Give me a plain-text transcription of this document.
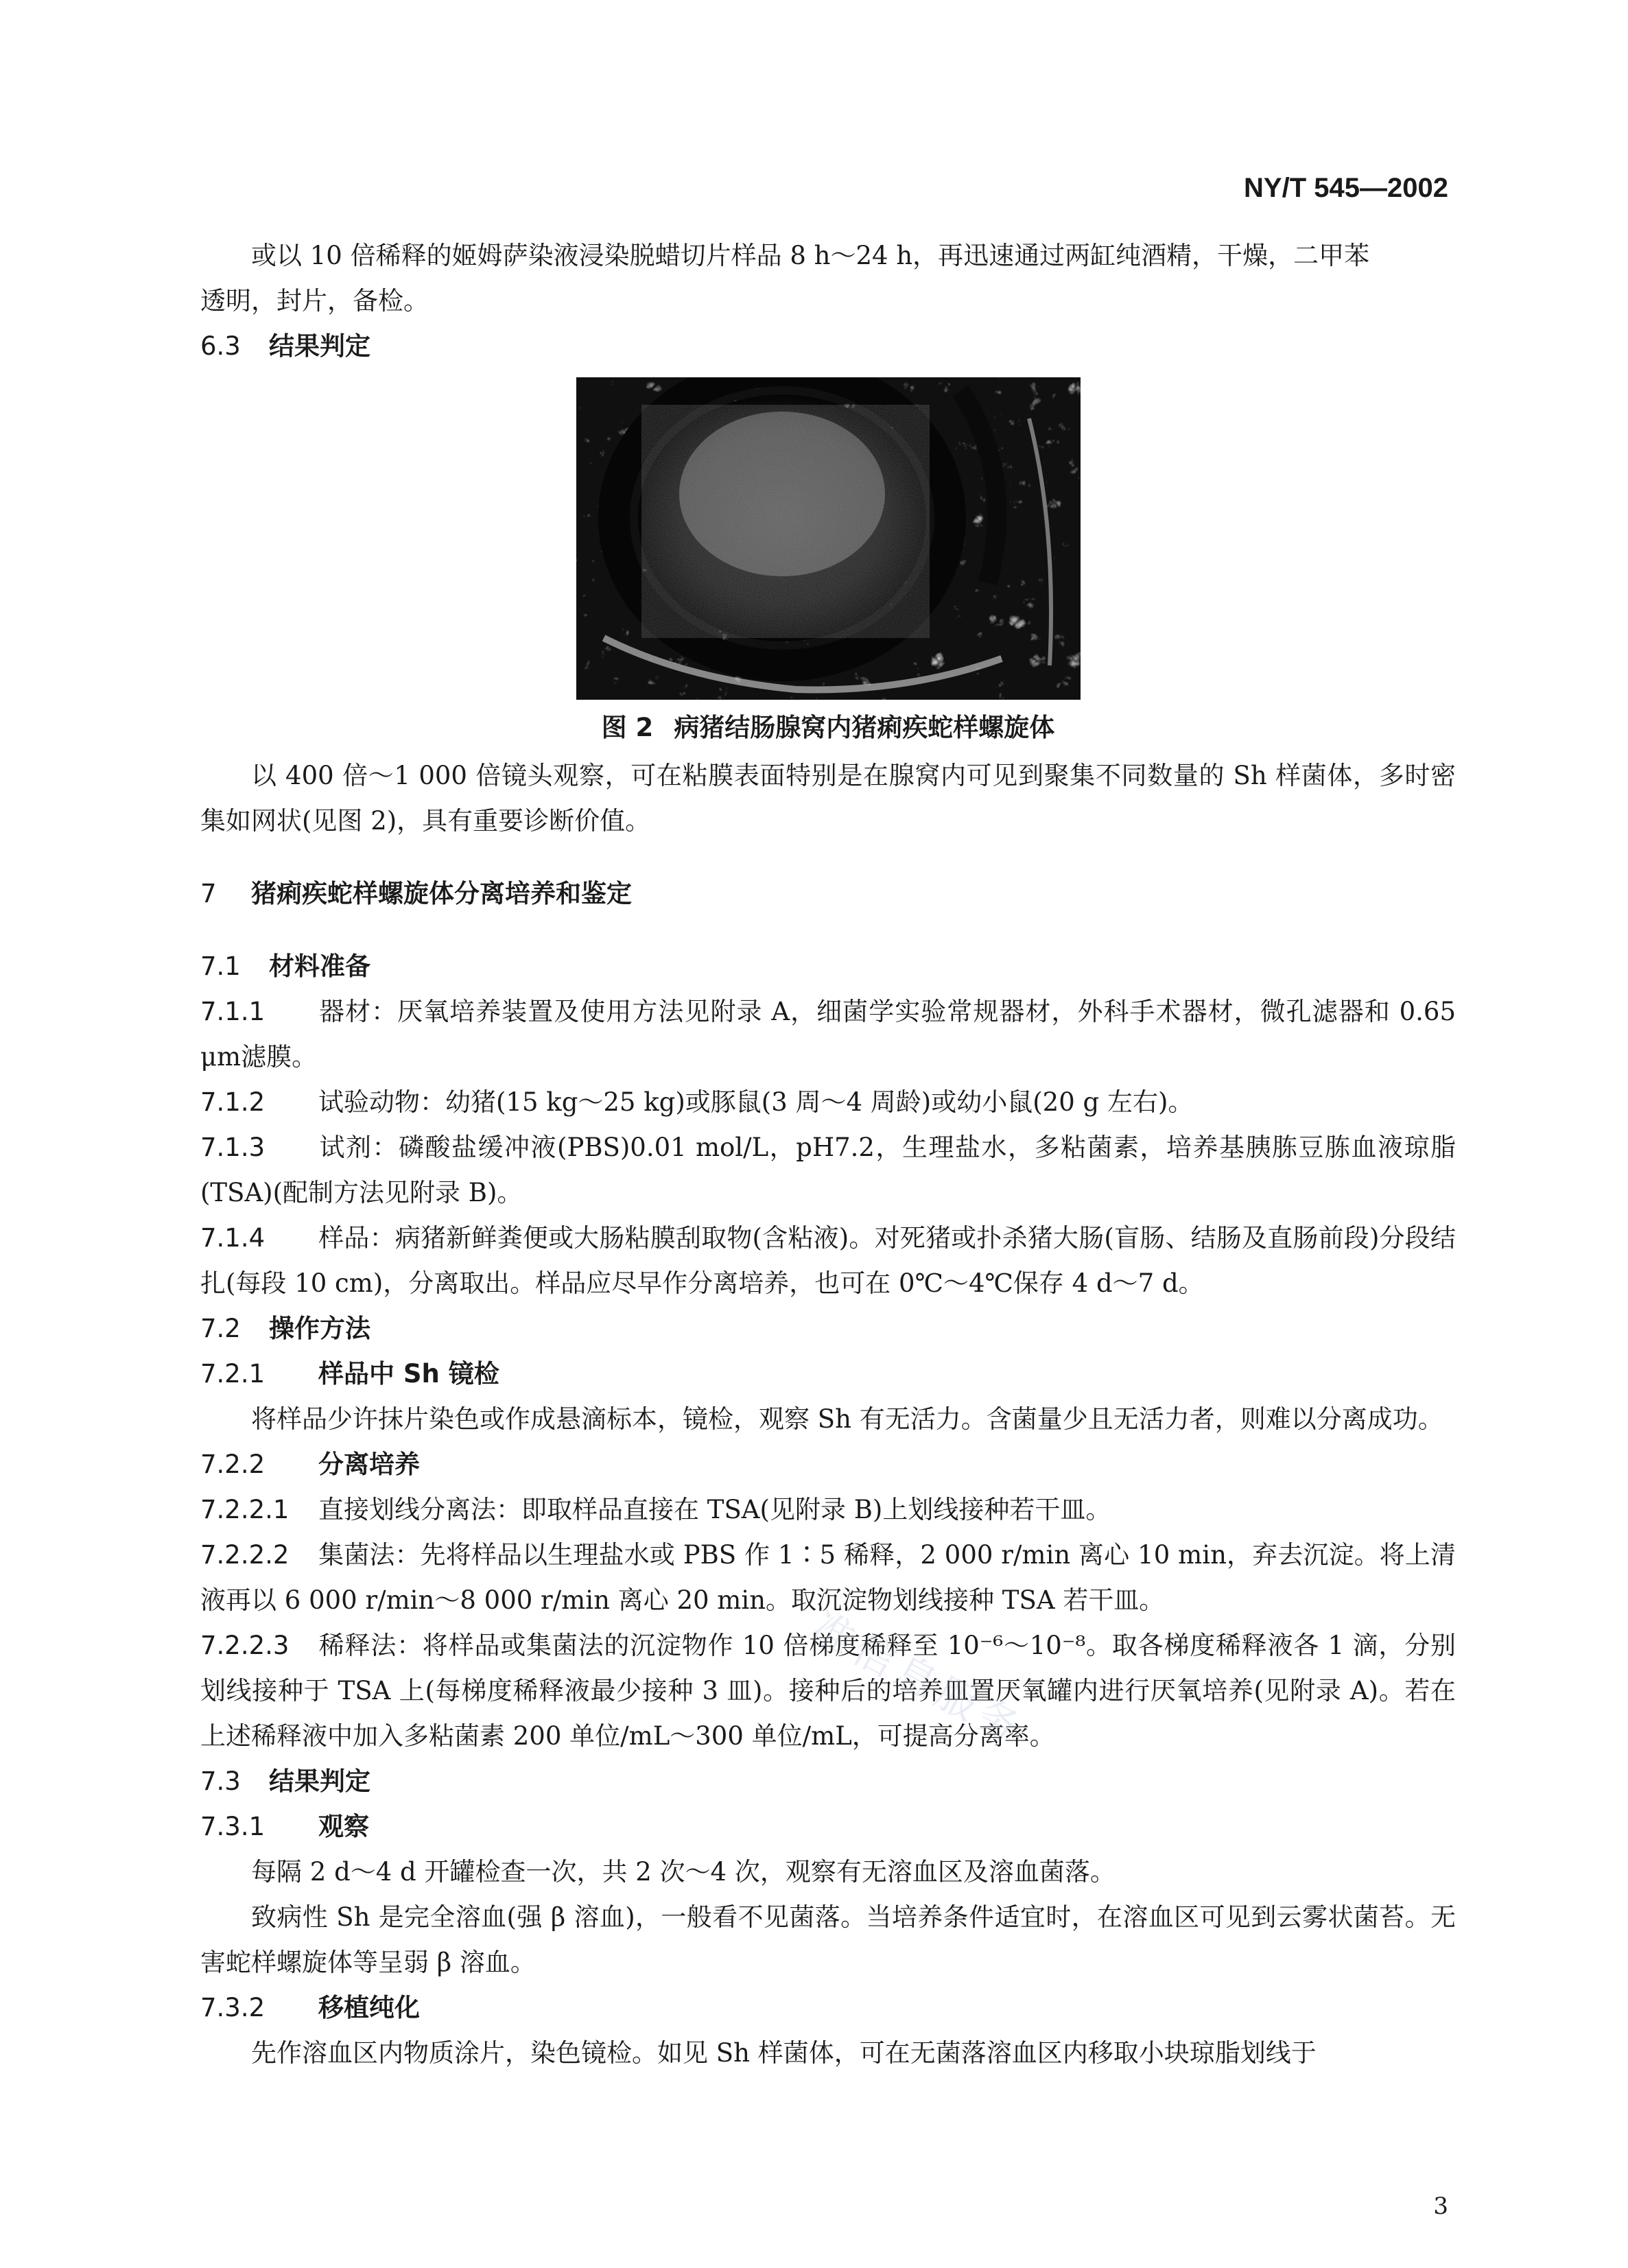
NY/T 545—2002

或以 10 倍稀释的姬姆萨染液浸染脱蜡切片样品 8 h～24 h，再迅速通过两缸纯酒精，干燥，二甲苯

透明，封片，备检。

6.3 结果判定

图 2 病猪结肠腺窝内猪痢疾蛇样螺旋体

以 400 倍～1 000 倍镜头观察，可在粘膜表面特别是在腺窝内可见到聚集不同数量的 Sh 样菌体，多时密集如网状(见图 2)，具有重要诊断价值。

7 猪痢疾蛇样螺旋体分离培养和鉴定

7.1 材料准备

7.1.1 器材：厌氧培养装置及使用方法见附录 A，细菌学实验常规器材，外科手术器材，微孔滤器和 0.65 μm滤膜。

7.1.2 试验动物：幼猪(15 kg～25 kg)或豚鼠(3 周～4 周龄)或幼小鼠(20 g 左右)。

7.1.3 试剂：磷酸盐缓冲液(PBS)0.01 mol/L，pH7.2，生理盐水，多粘菌素，培养基胰胨豆胨血液琼脂(TSA)(配制方法见附录 B)。

7.1.4 样品：病猪新鲜粪便或大肠粘膜刮取物(含粘液)。对死猪或扑杀猪大肠(盲肠、结肠及直肠前段)分段结扎(每段 10 cm)，分离取出。样品应尽早作分离培养，也可在 0℃～4℃保存 4 d～7 d。

7.2 操作方法

7.2.1 样品中 Sh 镜检

将样品少许抹片染色或作成悬滴标本，镜检，观察 Sh 有无活力。含菌量少且无活力者，则难以分离成功。

7.2.2 分离培养

7.2.2.1 直接划线分离法：即取样品直接在 TSA(见附录 B)上划线接种若干皿。

7.2.2.2 集菌法：先将样品以生理盐水或 PBS 作 1∶5 稀释，2 000 r/min 离心 10 min，弃去沉淀。将上清液再以 6 000 r/min～8 000 r/min 离心 20 min。取沉淀物划线接种 TSA 若干皿。

7.2.2.3 稀释法：将样品或集菌法的沉淀物作 10 倍梯度稀释至 10⁻⁶～10⁻⁸。取各梯度稀释液各 1 滴，分别划线接种于 TSA 上(每梯度稀释液最少接种 3 皿)。接种后的培养皿置厌氧罐内进行厌氧培养(见附录 A)。若在上述稀释液中加入多粘菌素 200 单位/mL～300 单位/mL，可提高分离率。

7.3 结果判定

7.3.1 观察

每隔 2 d～4 d 开罐检查一次，共 2 次～4 次，观察有无溶血区及溶血菌落。

致病性 Sh 是完全溶血(强 β 溶血)，一般看不见菌落。当培养条件适宜时，在溶血区可见到云雾状菌苔。无害蛇样螺旋体等呈弱 β 溶血。

7.3.2 移植纯化

先作溶血区内物质涂片，染色镜检。如见 Sh 样菌体，可在无菌落溶血区内移取小块琼脂划线于

准信息服务
3
